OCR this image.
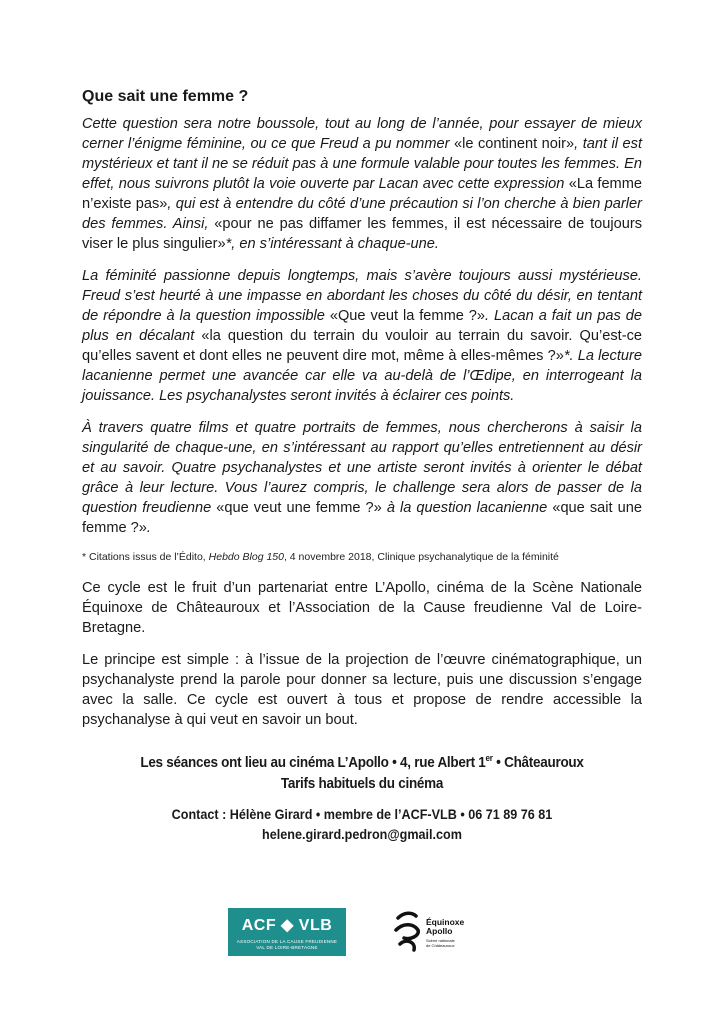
Que sait une femme ?

Cette question sera notre boussole, tout au long de l’année, pour essayer de mieux cerner l’énigme féminine, ou ce que Freud a pu nommer «le continent noir», tant il est mystérieux et tant il ne se réduit pas à une formule valable pour toutes les femmes. En effet, nous suivrons plutôt la voie ouverte par Lacan avec cette expression «La femme n’existe pas», qui est à entendre du côté d’une précaution si l’on cherche à bien parler des femmes. Ainsi, «pour ne pas diffamer les femmes, il est nécessaire de toujours viser le plus singulier»*, en s’intéressant à chaque-une.

La féminité passionne depuis longtemps, mais s’avère toujours aussi mystérieuse. Freud s’est heurté à une impasse en abordant les choses du côté du désir, en tentant de répondre à la question impossible «Que veut la femme ?». Lacan a fait un pas de plus en décalant «la question du terrain du vouloir au terrain du savoir. Qu’est-ce qu’elles savent et dont elles ne peuvent dire mot, même à elles-mêmes ?»*. La lecture lacanienne permet une avancée car elle va au-delà de l’Œdipe, en interrogeant la jouissance. Les psychanalystes seront invités à éclairer ces points.

À travers quatre films et quatre portraits de femmes, nous chercherons à saisir la singularité de chaque-une, en s’intéressant au rapport qu’elles entretiennent au désir et au savoir. Quatre psychanalystes et une artiste seront invités à orienter le débat grâce à leur lecture. Vous l’aurez compris, le challenge sera alors de passer de la question freudienne «que veut une femme ?» à la question lacanienne «que sait une femme ?».

* Citations issus de l’Édito, Hebdo Blog 150, 4 novembre 2018, Clinique psychanalytique de la féminité

Ce cycle est le fruit d’un partenariat entre L’Apollo, cinéma de la Scène Nationale Équinoxe de Châteauroux et l’Association de la Cause freudienne Val de Loire-Bretagne.

Le principe est simple : à l’issue de la projection de l’œuvre cinématographique, un psychanalyste prend la parole pour donner sa lecture, puis une discussion s’engage avec la salle. Ce cycle est ouvert à tous et propose de rendre accessible la psychanalyse à qui veut en savoir un bout.

Les séances ont lieu au cinéma L’Apollo • 4, rue Albert 1er • Châteauroux
Tarifs habituels du cinéma
Contact : Hélène Girard • membre de l’ACF-VLB • 06 71 89 76 81
helene.girard.pedron@gmail.com
ACF ◆ VLB
ASSOCIATION DE LA CAUSE FREUDIENNE
VAL DE LOIRE-BRETAGNE
Équinoxe
Apollo
Scène nationale
de Châteauroux
